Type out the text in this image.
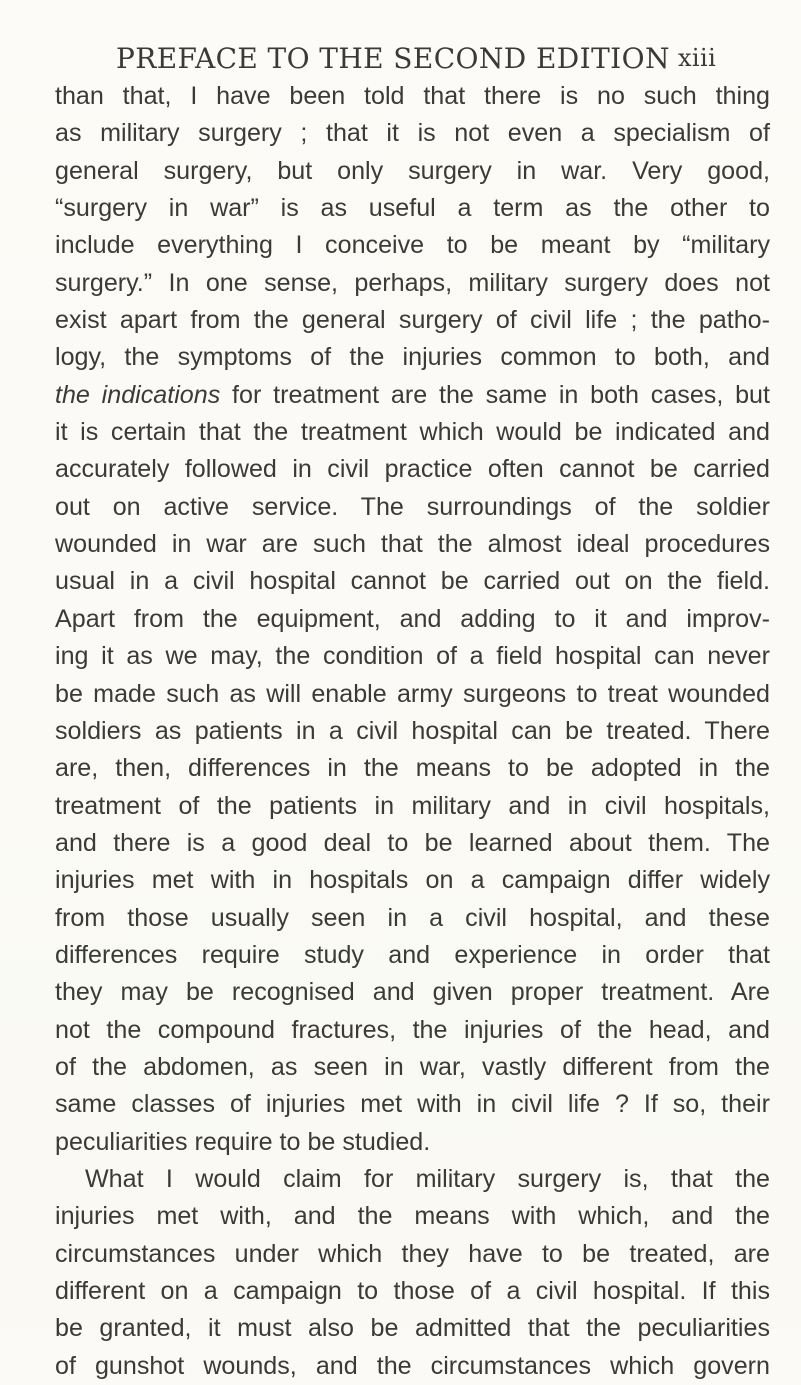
PREFACE TO THE SECOND EDITION xiii
than that, I have been told that there is no such thing
as military surgery ; that it is not even a specialism of
general surgery, but only surgery in war. Very good,
“surgery in war” is as useful a term as the other to
include everything I conceive to be meant by “military
surgery.” In one sense, perhaps, military surgery does not
exist apart from the general surgery of civil life ; the patho-
logy, the symptoms of the injuries common to both, and
the indications for treatment are the same in both cases, but
it is certain that the treatment which would be indicated and
accurately followed in civil practice often cannot be carried
out on active service. The surroundings of the soldier
wounded in war are such that the almost ideal procedures
usual in a civil hospital cannot be carried out on the field.
Apart from the equipment, and adding to it and improv-
ing it as we may, the condition of a field hospital can never
be made such as will enable army surgeons to treat wounded
soldiers as patients in a civil hospital can be treated. There
are, then, differences in the means to be adopted in the
treatment of the patients in military and in civil hospitals,
and there is a good deal to be learned about them. The
injuries met with in hospitals on a campaign differ widely
from those usually seen in a civil hospital, and these
differences require study and experience in order that
they may be recognised and given proper treatment. Are
not the compound fractures, the injuries of the head, and
of the abdomen, as seen in war, vastly different from the
same classes of injuries met with in civil life ? If so, their
peculiarities require to be studied.
What I would claim for military surgery is, that the
injuries met with, and the means with which, and the
circumstances under which they have to be treated, are
different on a campaign to those of a civil hospital. If this
be granted, it must also be admitted that the peculiarities
of gunshot wounds, and the circumstances which govern
